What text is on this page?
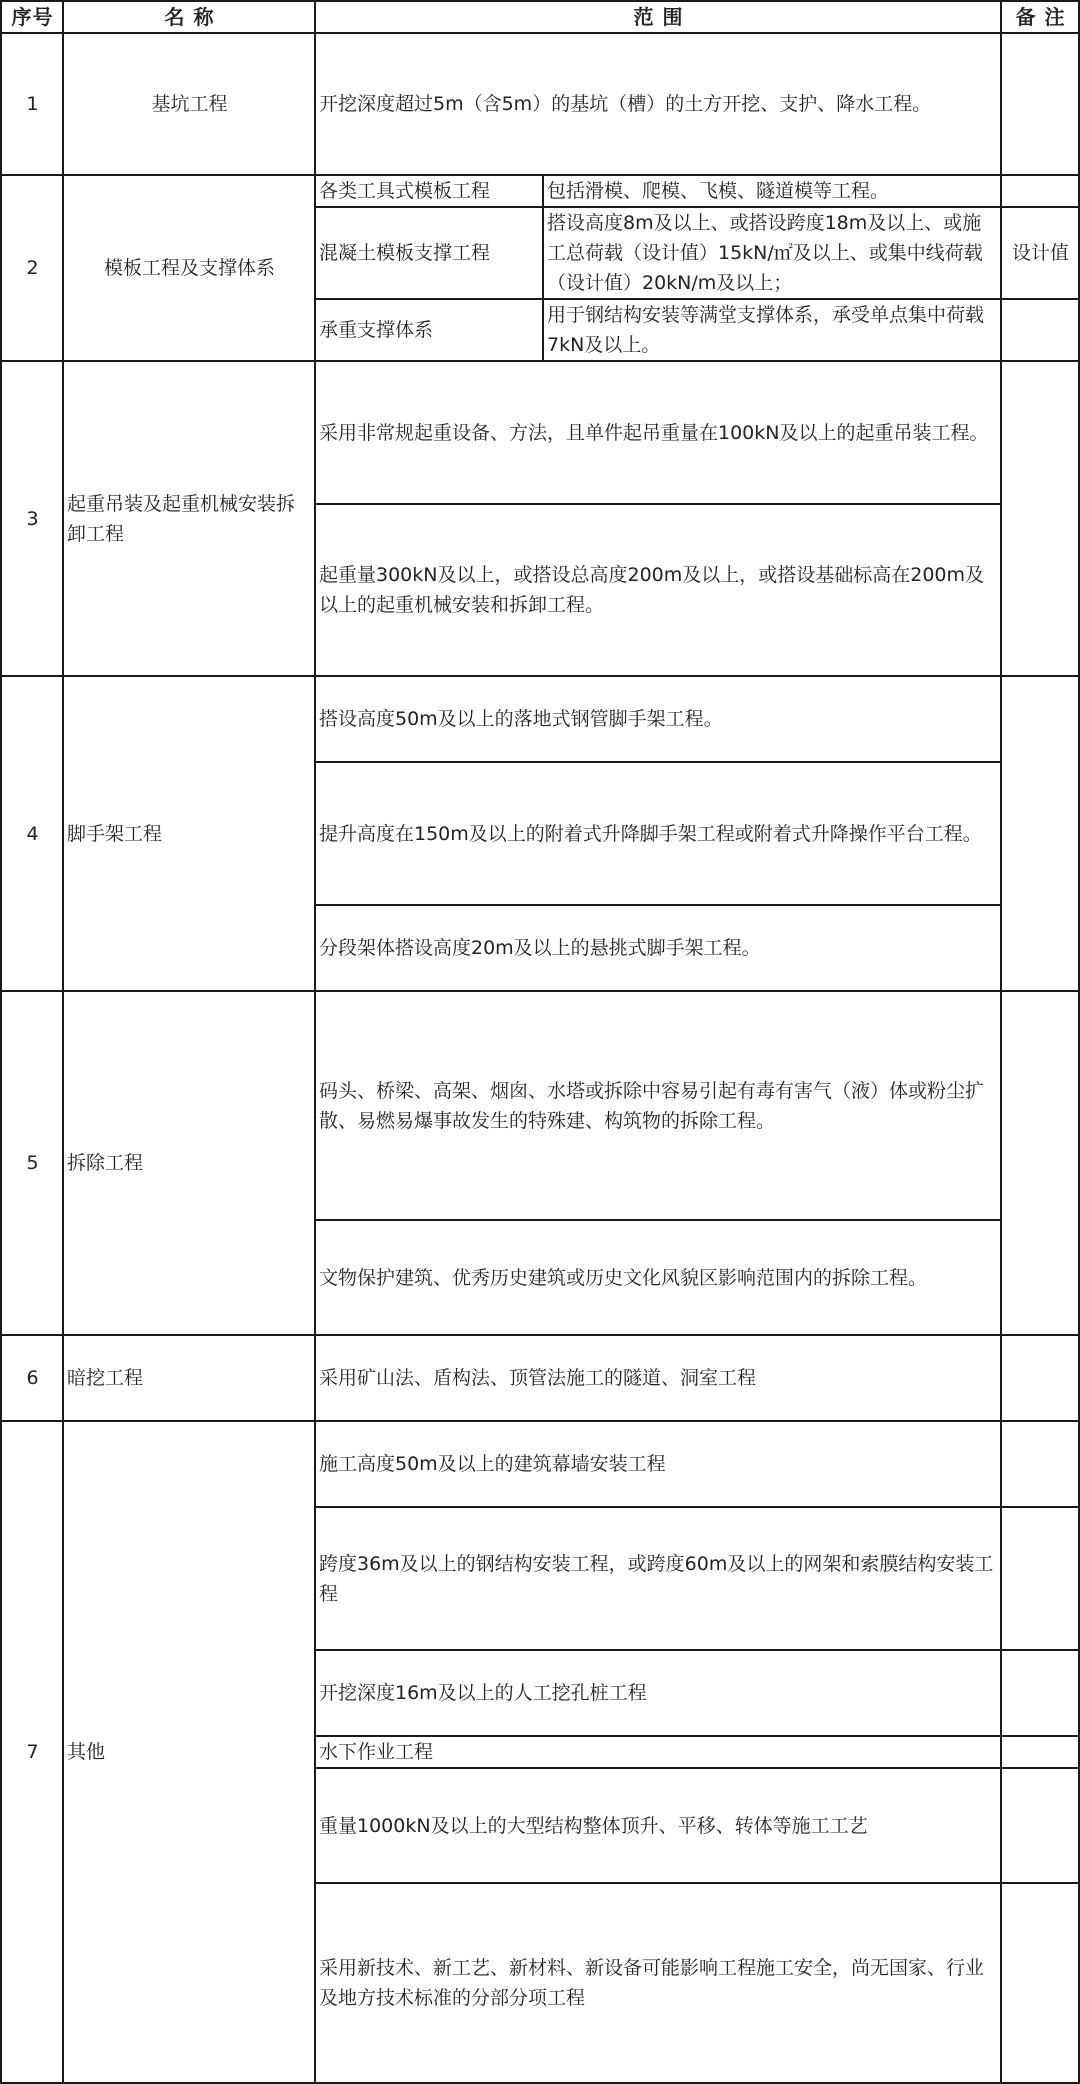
序号	名 称	范 围		备 注
1	基坑工程	开挖深度超过5m（含5m）的基坑（槽）的土方开挖、支护、降水工程。		
2	模板工程及支撑体系	各类工具式模板工程	包括滑模、爬模、飞模、隧道模等工程。	
		混凝土模板支撑工程	搭设高度8m及以上、或搭设跨度18m及以上、或施工总荷载（设计值）15kN/㎡及以上、或集中线荷载（设计值）20kN/m及以上；	设计值
		承重支撑体系	用于钢结构安装等满堂支撑体系，承受单点集中荷载7kN及以上。	
3	起重吊装及起重机械安装拆卸工程	采用非常规起重设备、方法，且单件起吊重量在100kN及以上的起重吊装工程。		
		起重量300kN及以上，或搭设总高度200m及以上，或搭设基础标高在200m及以上的起重机械安装和拆卸工程。		
4	脚手架工程	搭设高度50m及以上的落地式钢管脚手架工程。		
		提升高度在150m及以上的附着式升降脚手架工程或附着式升降操作平台工程。		
		分段架体搭设高度20m及以上的悬挑式脚手架工程。		
5	拆除工程	码头、桥梁、高架、烟囱、水塔或拆除中容易引起有毒有害气（液）体或粉尘扩散、易燃易爆事故发生的特殊建、构筑物的拆除工程。		
		文物保护建筑、优秀历史建筑或历史文化风貌区影响范围内的拆除工程。		
6	暗挖工程	采用矿山法、盾构法、顶管法施工的隧道、洞室工程		
7	其他	施工高度50m及以上的建筑幕墙安装工程		
		跨度36m及以上的钢结构安装工程，或跨度60m及以上的网架和索膜结构安装工程		
		开挖深度16m及以上的人工挖孔桩工程		
		水下作业工程		
		重量1000kN及以上的大型结构整体顶升、平移、转体等施工工艺		
		采用新技术、新工艺、新材料、新设备可能影响工程施工安全，尚无国家、行业及地方技术标准的分部分项工程		
